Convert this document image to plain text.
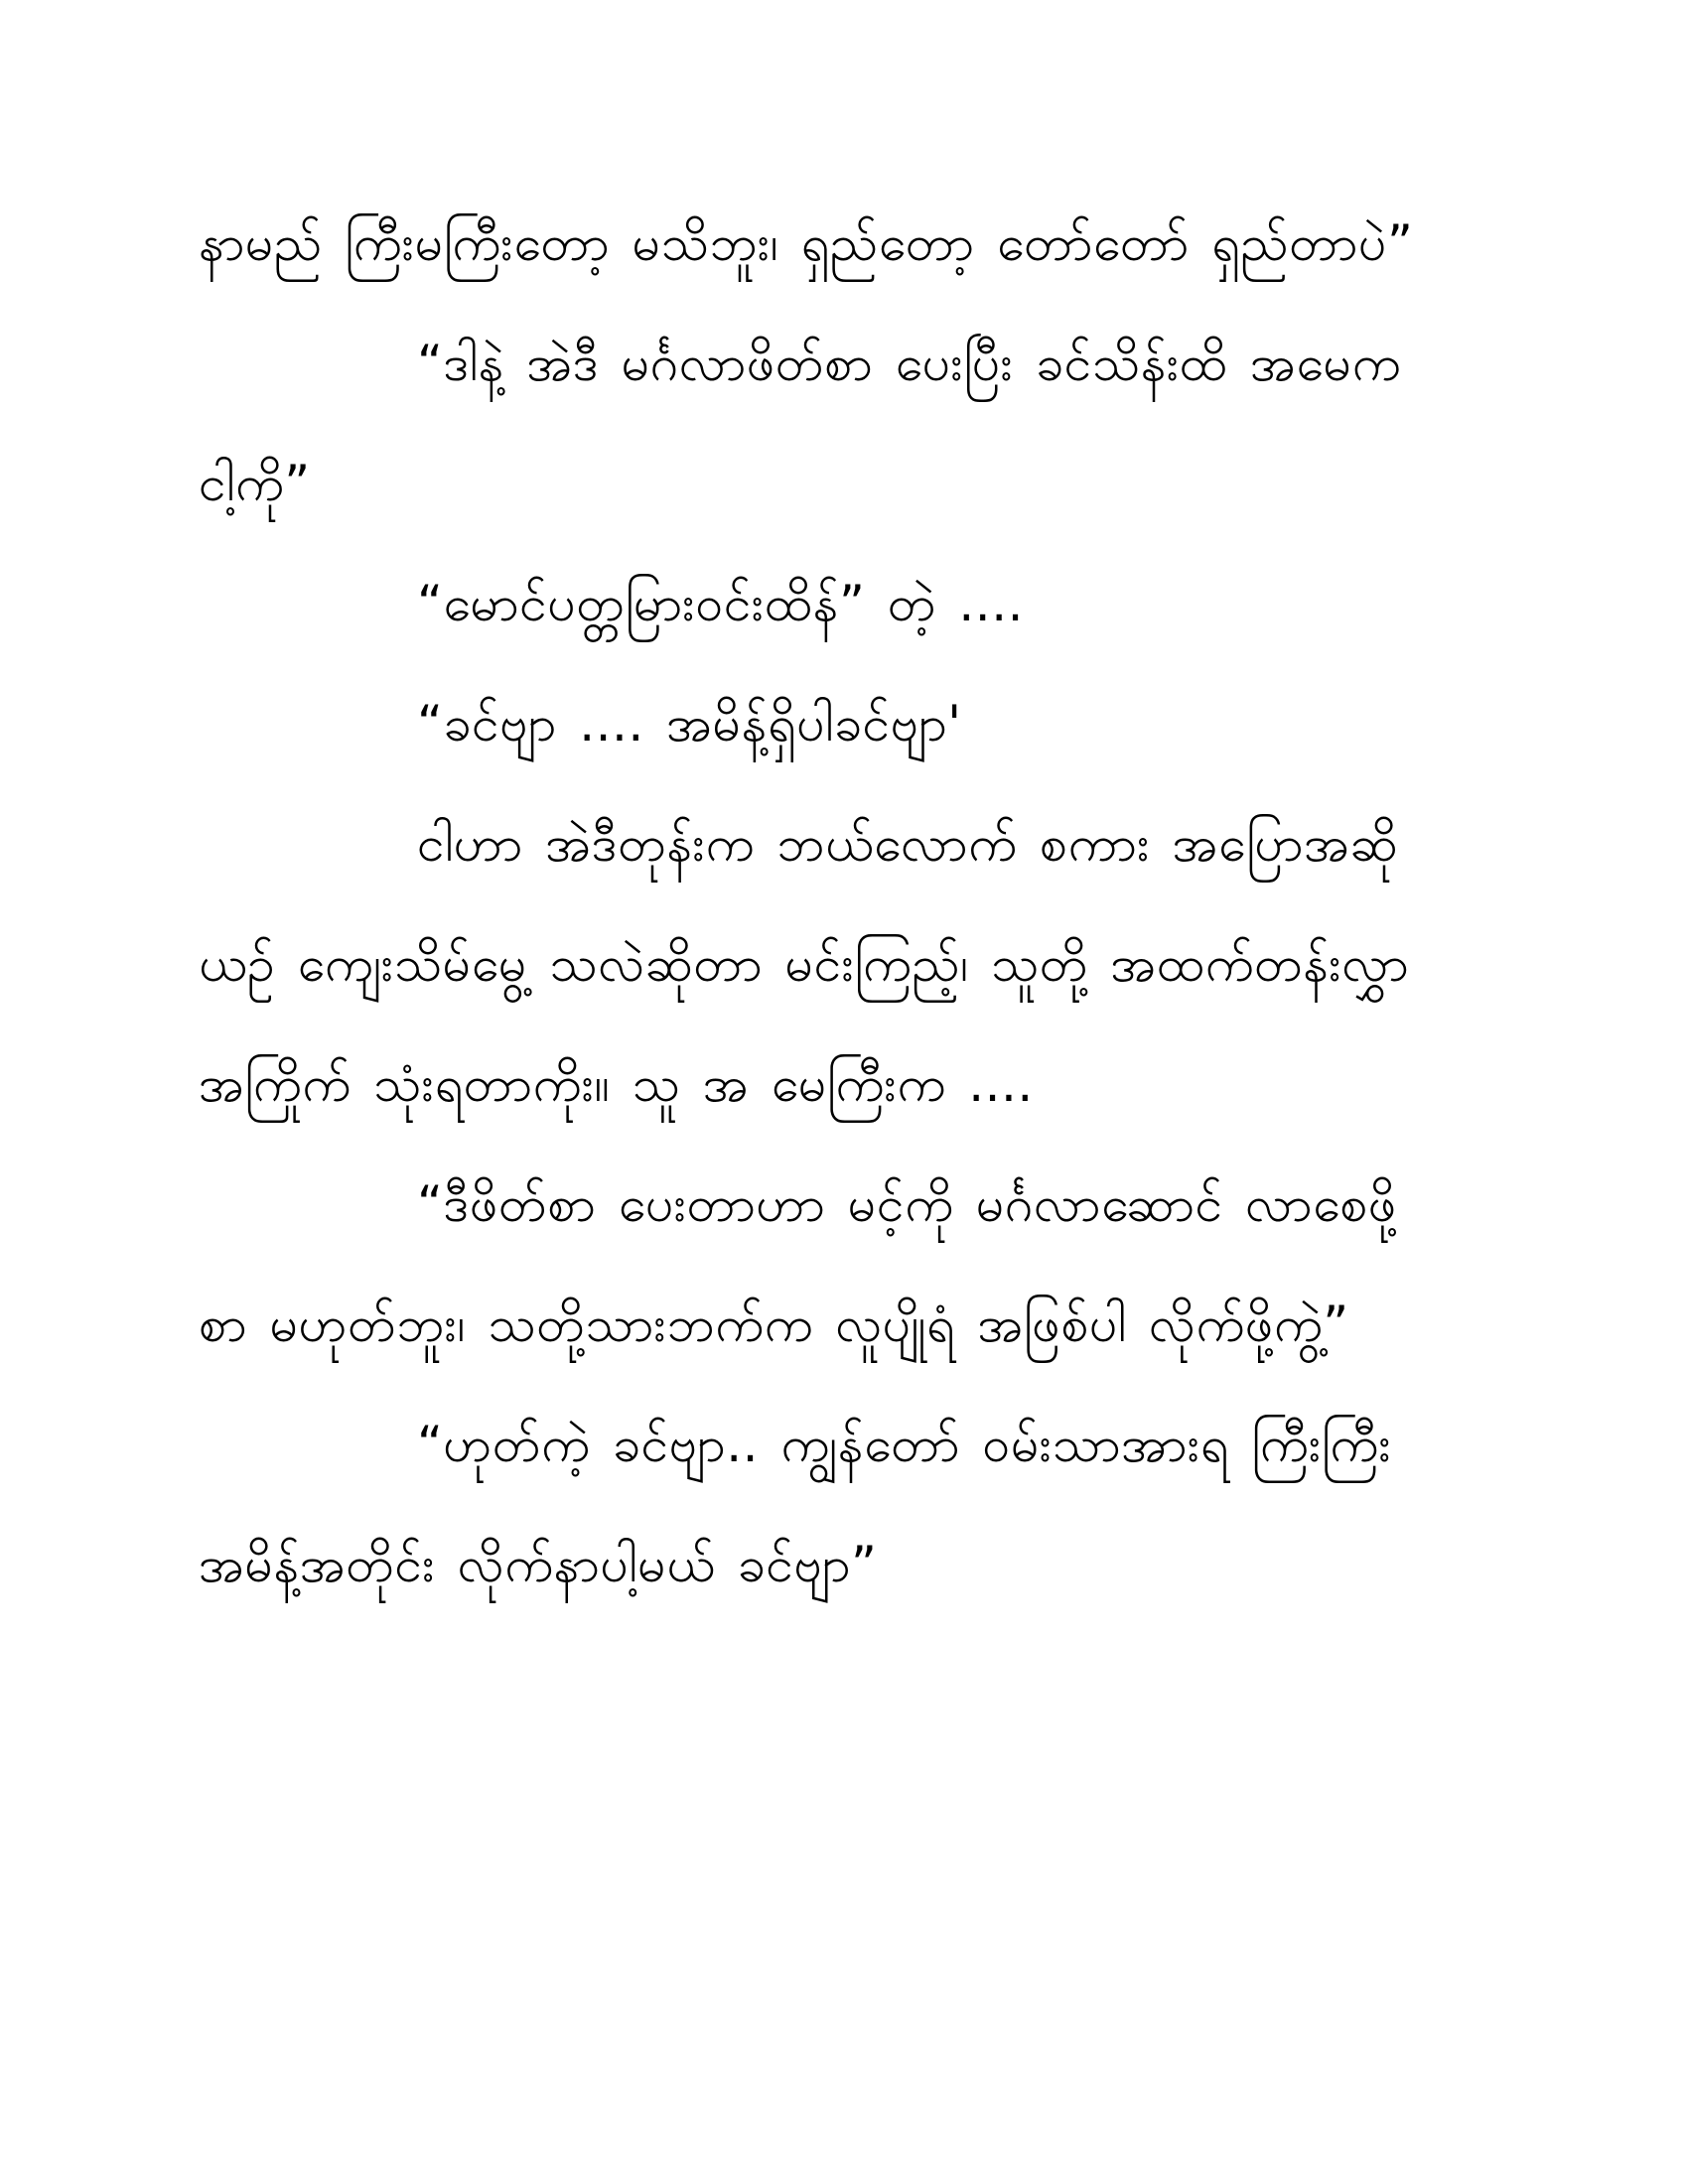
နာမည် ကြီးမကြီးတော့ မသိဘူး၊ ရှည်တော့ တော်တော် ရှည်တာပဲ”

“ဒါနဲ့ အဲဒီ မင်္ဂလာဖိတ်စာ ပေးပြီး ခင်သိန်းထိ အမေက ငါ့ကို”

“မောင်ပတ္တမြားဝင်းထိန်” တဲ့ ....

“ခင်ဗျာ .... အမိန့်ရှိပါခင်ဗျာ'

ငါဟာ အဲဒီတုန်းက ဘယ်လောက် စကား အပြောအဆို ယဉ် ကျေးသိမ်မွေ့ သလဲဆိုတာ မင်းကြည့်၊ သူတို့ အထက်တန်းလွှာ အကြိုက် သုံးရတာကိုး။ သူ အ မေကြီးက ....

“ဒီဖိတ်စာ ပေးတာဟာ မင့်ကို မင်္ဂလာဆောင် လာစေဖို့စာ မဟုတ်ဘူး၊ သတို့သားဘက်က လူပျိုရံ အဖြစ်ပါ လိုက်ဖို့ကွဲ့”

“ဟုတ်ကဲ့ ခင်ဗျာ.. ကျွန်တော် ဝမ်းသာအားရ ကြီးကြီး အမိန့်အတိုင်း လိုက်နာပါ့မယ် ခင်ဗျာ”
